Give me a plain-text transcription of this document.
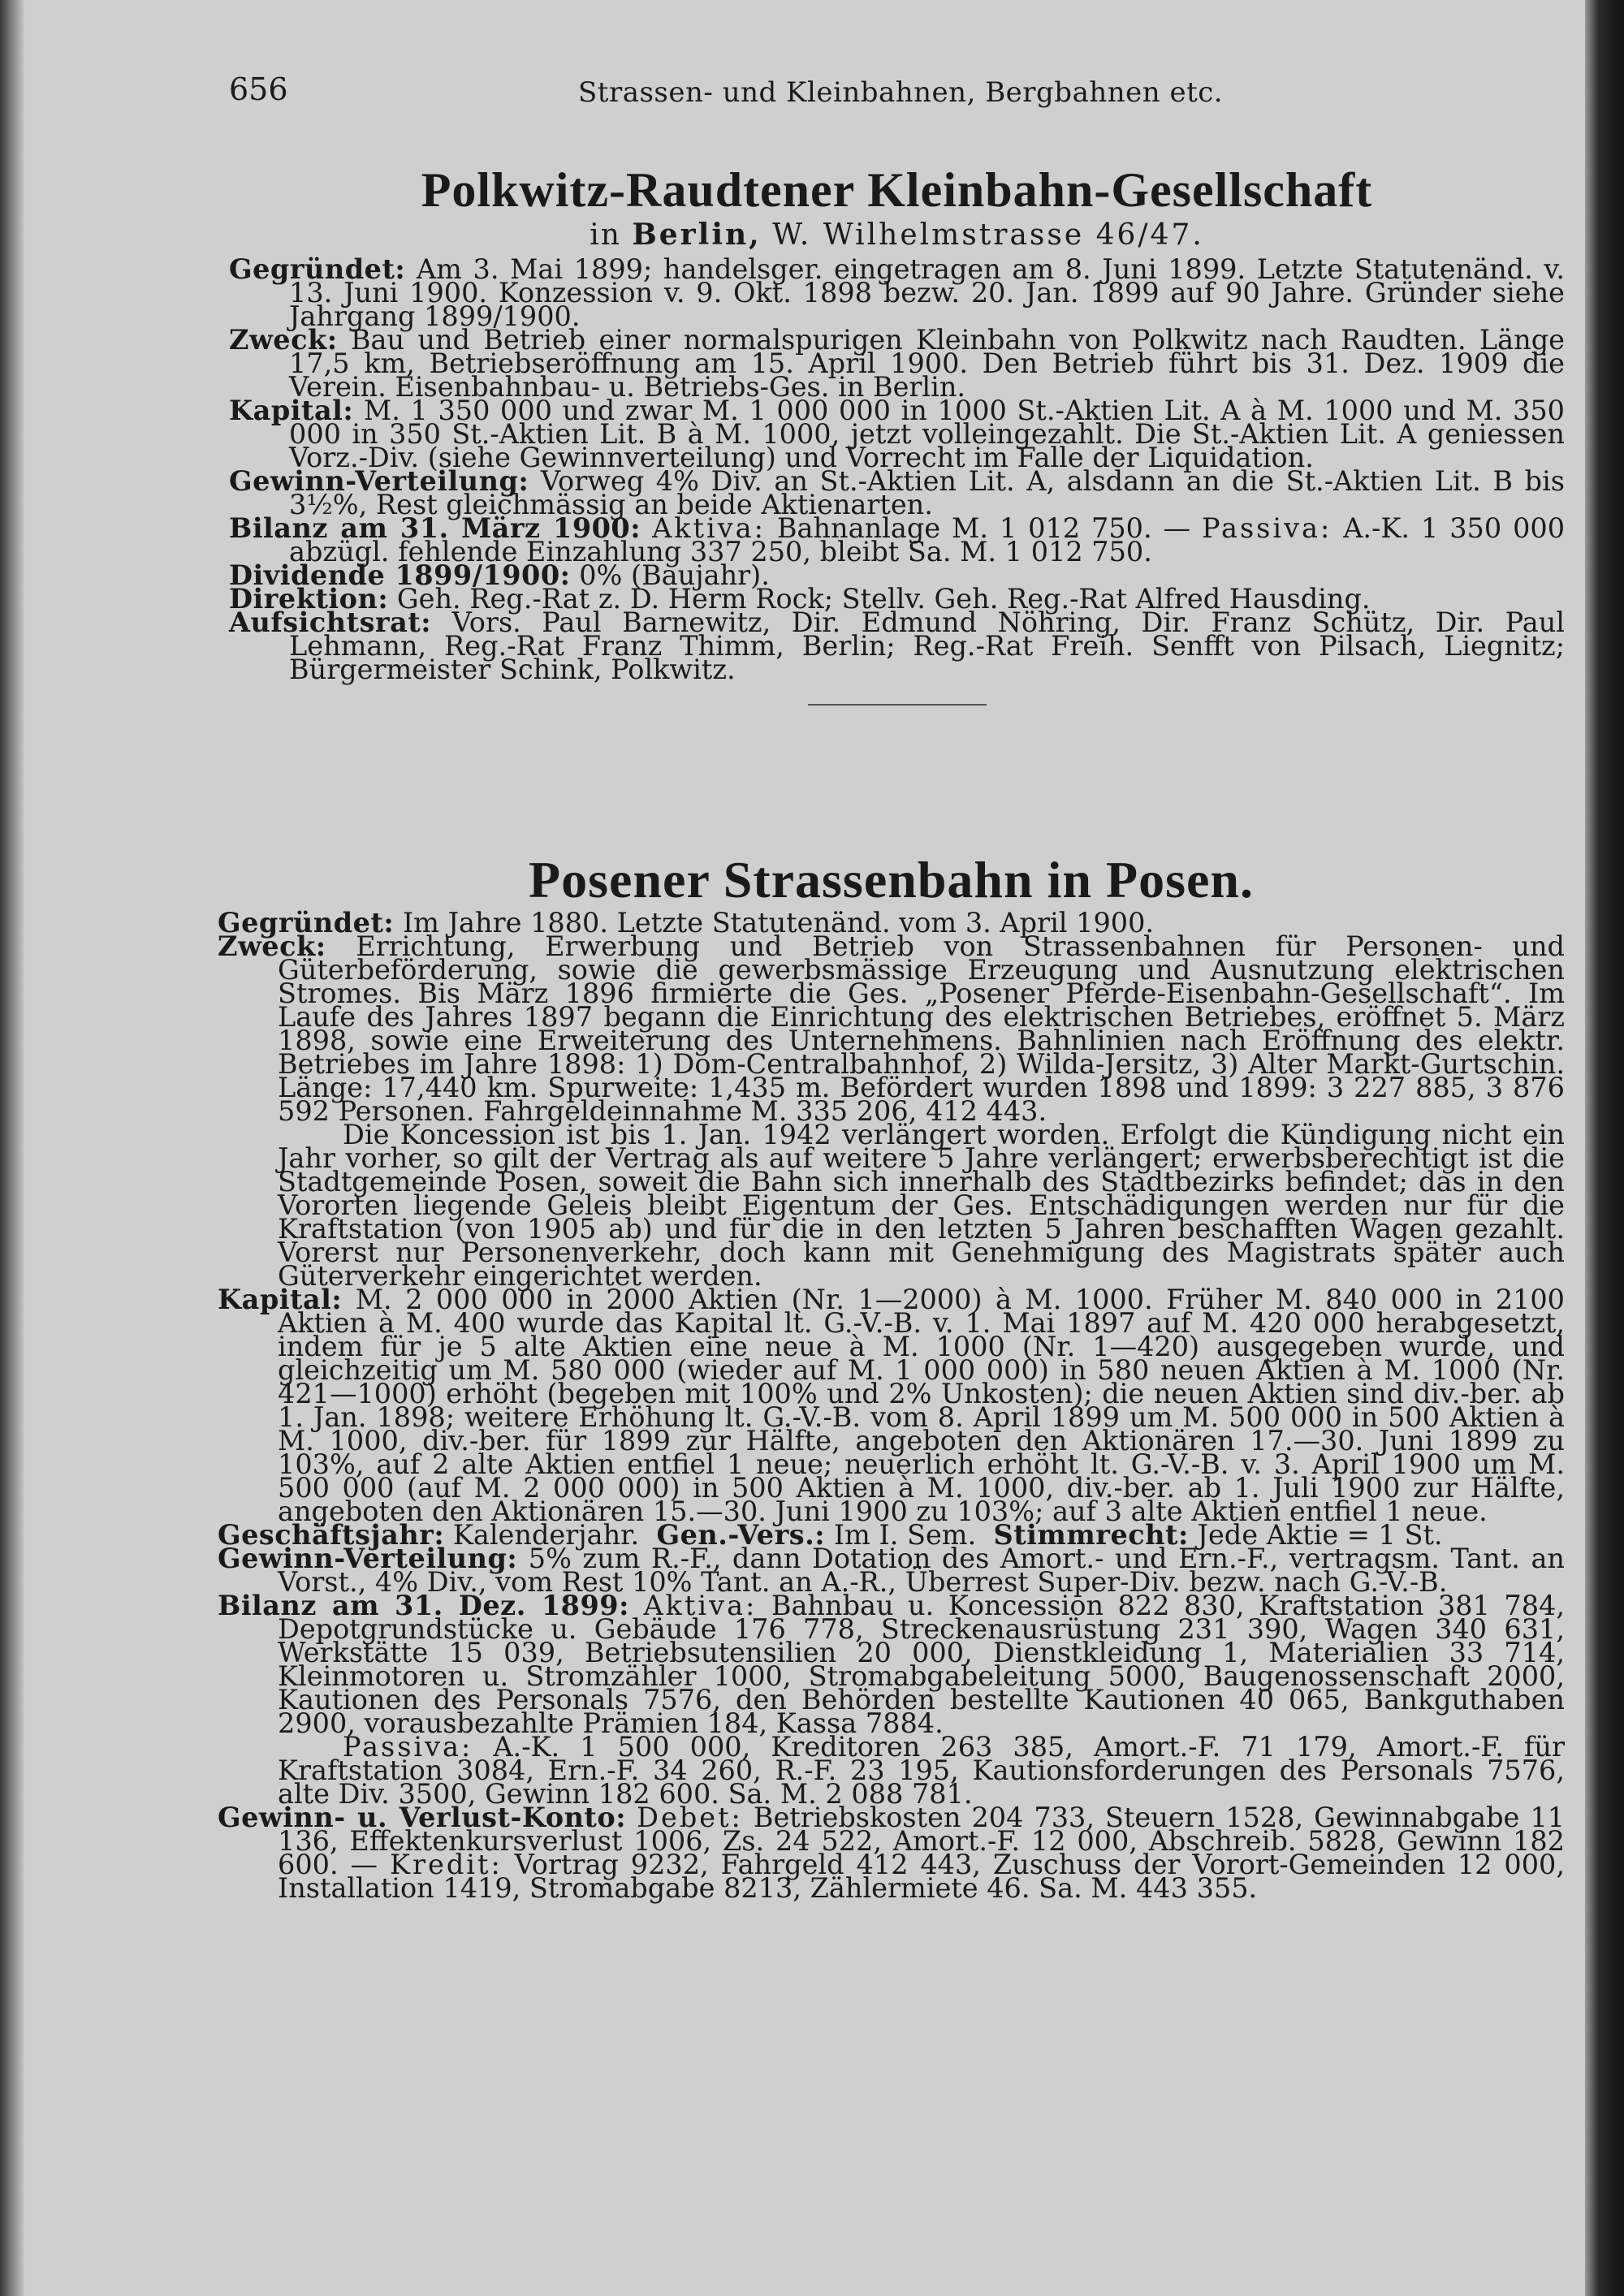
656	Strassen- und Kleinbahnen, Bergbahnen etc.
Polkwitz-Raudtener Kleinbahn-Gesellschaft

in Berlin, W. Wilhelmstrasse 46/47.

Gegründet: Am 3. Mai 1899; handelsger. eingetragen am 8. Juni 1899. Letzte Statutenänd. v. 13. Juni 1900. Konzession v. 9. Okt. 1898 bezw. 20. Jan. 1899 auf 90 Jahre. Gründer siehe Jahrgang 1899/1900.

Zweck: Bau und Betrieb einer normalspurigen Kleinbahn von Polkwitz nach Raudten. Länge 17,5 km, Betriebseröffnung am 15. April 1900. Den Betrieb führt bis 31. Dez. 1909 die Verein. Eisenbahnbau- u. Betriebs-Ges. in Berlin.

Kapital: M. 1 350 000 und zwar M. 1 000 000 in 1000 St.-Aktien Lit. A à M. 1000 und M. 350 000 in 350 St.-Aktien Lit. B à M. 1000, jetzt volleingezahlt. Die St.-Aktien Lit. A geniessen Vorz.-Div. (siehe Gewinnverteilung) und Vorrecht im Falle der Liquidation.

Gewinn-Verteilung: Vorweg 4% Div. an St.-Aktien Lit. A, alsdann an die St.-Aktien Lit. B bis 3½%, Rest gleichmässig an beide Aktienarten.

Bilanz am 31. März 1900: Aktiva: Bahnanlage M. 1 012 750. — Passiva: A.-K. 1 350 000 abzügl. fehlende Einzahlung 337 250, bleibt Sa. M. 1 012 750.

Dividende 1899/1900: 0% (Baujahr).

Direktion: Geh. Reg.-Rat z. D. Herm Rock; Stellv. Geh. Reg.-Rat Alfred Hausding.

Aufsichtsrat: Vors. Paul Barnewitz, Dir. Edmund Nöhring, Dir. Franz Schütz, Dir. Paul Lehmann, Reg.-Rat Franz Thimm, Berlin; Reg.-Rat Freih. Senfft von Pilsach, Liegnitz; Bürgermeister Schink, Polkwitz.

Posener Strassenbahn in Posen.

Gegründet: Im Jahre 1880. Letzte Statutenänd. vom 3. April 1900.

Zweck: Errichtung, Erwerbung und Betrieb von Strassenbahnen für Personen- und Güterbeförderung, sowie die gewerbsmässige Erzeugung und Ausnutzung elektrischen Stromes. Bis März 1896 firmierte die Ges. „Posener Pferde-Eisenbahn-Gesellschaft“. Im Laufe des Jahres 1897 begann die Einrichtung des elektrischen Betriebes, eröffnet 5. März 1898, sowie eine Erweiterung des Unternehmens. Bahnlinien nach Eröffnung des elektr. Betriebes im Jahre 1898: 1) Dom-Centralbahnhof, 2) Wilda-Jersitz, 3) Alter Markt-Gurtschin. Länge: 17,440 km. Spurweite: 1,435 m. Befördert wurden 1898 und 1899: 3 227 885, 3 876 592 Personen. Fahrgeldeinnahme M. 335 206, 412 443.

Die Koncession ist bis 1. Jan. 1942 verlängert worden. Erfolgt die Kündigung nicht ein Jahr vorher, so gilt der Vertrag als auf weitere 5 Jahre verlängert; erwerbsberechtigt ist die Stadtgemeinde Posen, soweit die Bahn sich innerhalb des Stadtbezirks befindet; das in den Vororten liegende Geleis bleibt Eigentum der Ges. Entschädigungen werden nur für die Kraftstation (von 1905 ab) und für die in den letzten 5 Jahren beschafften Wagen gezahlt. Vorerst nur Personenverkehr, doch kann mit Genehmigung des Magistrats später auch Güterverkehr eingerichtet werden.

Kapital: M. 2 000 000 in 2000 Aktien (Nr. 1—2000) à M. 1000. Früher M. 840 000 in 2100 Aktien à M. 400 wurde das Kapital lt. G.-V.-B. v. 1. Mai 1897 auf M. 420 000 herabgesetzt, indem für je 5 alte Aktien eine neue à M. 1000 (Nr. 1—420) ausgegeben wurde, und gleichzeitig um M. 580 000 (wieder auf M. 1 000 000) in 580 neuen Aktien à M. 1000 (Nr. 421—1000) erhöht (begeben mit 100% und 2% Unkosten); die neuen Aktien sind div.-ber. ab 1. Jan. 1898; weitere Erhöhung lt. G.-V.-B. vom 8. April 1899 um M. 500 000 in 500 Aktien à M. 1000, div.-ber. für 1899 zur Hälfte, angeboten den Aktionären 17.—30. Juni 1899 zu 103%, auf 2 alte Aktien entfiel 1 neue; neuerlich erhöht lt. G.-V.-B. v. 3. April 1900 um M. 500 000 (auf M. 2 000 000) in 500 Aktien à M. 1000, div.-ber. ab 1. Juli 1900 zur Hälfte, angeboten den Aktionären 15.—30. Juni 1900 zu 103%; auf 3 alte Aktien entfiel 1 neue.

Geschäftsjahr: Kalenderjahr. Gen.-Vers.: Im I. Sem. Stimmrecht: Jede Aktie = 1 St.

Gewinn-Verteilung: 5% zum R.-F., dann Dotation des Amort.- und Ern.-F., vertragsm. Tant. an Vorst., 4% Div., vom Rest 10% Tant. an A.-R., Überrest Super-Div. bezw. nach G.-V.-B.

Bilanz am 31. Dez. 1899: Aktiva: Bahnbau u. Koncession 822 830, Kraftstation 381 784, Depotgrundstücke u. Gebäude 176 778, Streckenausrüstung 231 390, Wagen 340 631, Werkstätte 15 039, Betriebsutensilien 20 000, Dienstkleidung 1, Materialien 33 714, Kleinmotoren u. Stromzähler 1000, Stromabgabeleitung 5000, Baugenossenschaft 2000, Kautionen des Personals 7576, den Behörden bestellte Kautionen 40 065, Bankguthaben 2900, vorausbezahlte Prämien 184, Kassa 7884.

Passiva: A.-K. 1 500 000, Kreditoren 263 385, Amort.-F. 71 179, Amort.-F. für Kraftstation 3084, Ern.-F. 34 260, R.-F. 23 195, Kautionsforderungen des Personals 7576, alte Div. 3500, Gewinn 182 600. Sa. M. 2 088 781.

Gewinn- u. Verlust-Konto: Debet: Betriebskosten 204 733, Steuern 1528, Gewinnabgabe 11 136, Effektenkursverlust 1006, Zs. 24 522, Amort.-F. 12 000, Abschreib. 5828, Gewinn 182 600. — Kredit: Vortrag 9232, Fahrgeld 412 443, Zuschuss der Vorort-Gemeinden 12 000, Installation 1419, Stromabgabe 8213, Zählermiete 46. Sa. M. 443 355.
